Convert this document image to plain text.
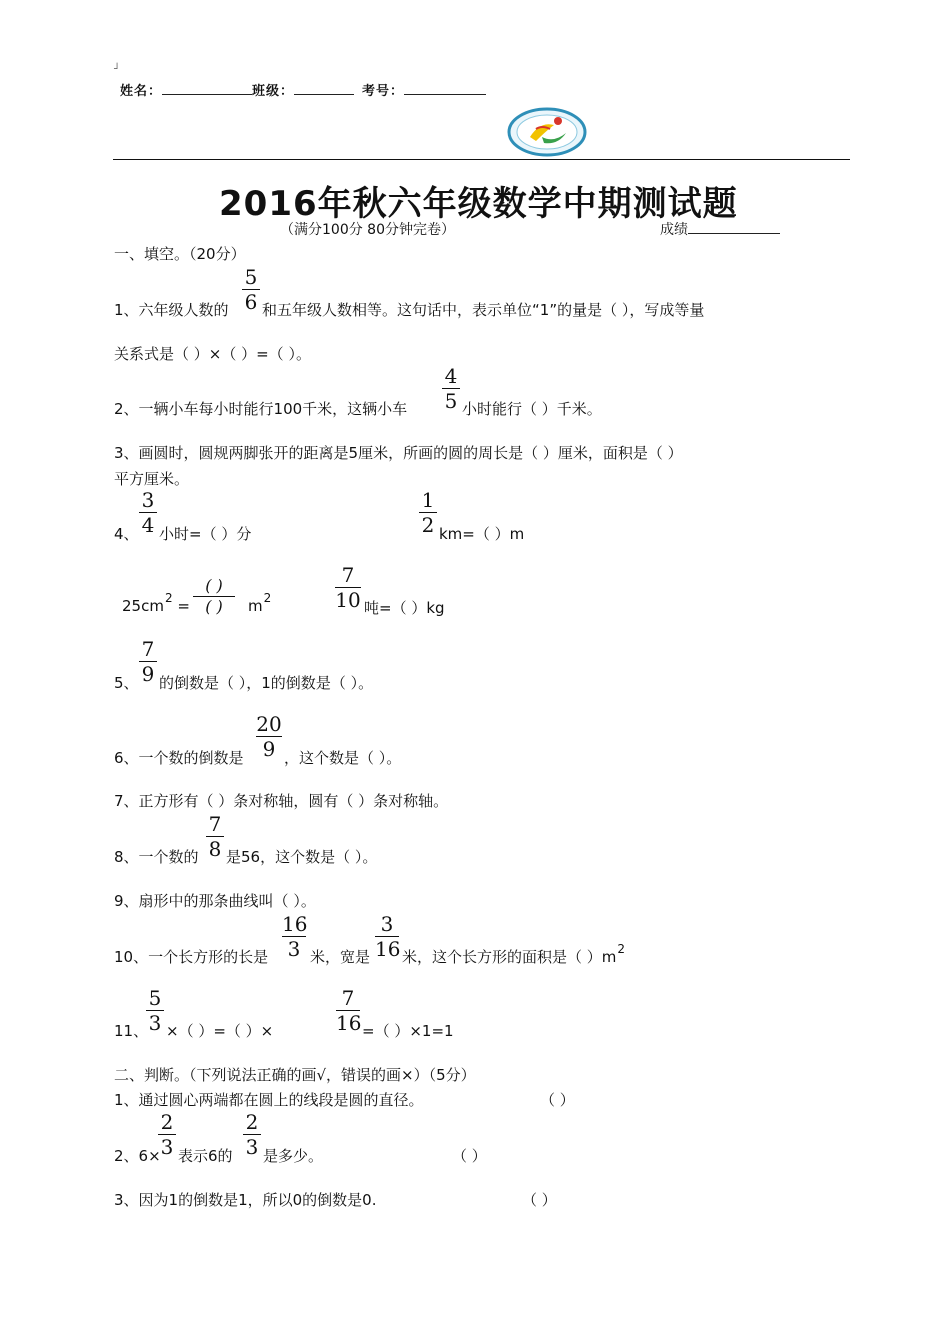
┘
姓名：	班级：	考号：
2016年秋六年级数学中期测试题
（满分100分 80分钟完卷）	成绩
一、填空。（20分）
1、六年级人数的
5
6 和五年级人数相等。这句话中，表示单位“1”的量是（ ），写成等量
关系式是（ ）×（ ）=（ ）。
2、一辆小车每小时能行100千米，这辆小车
4
5 小时能行（ ）千米。
3、画圆时，圆规两脚张开的距离是5厘米，所画的圆的周长是（ ）厘米，面积是（ ）
平方厘米。
4、
3
4 小时=（ ）分
1
2 km=（ ）m
$25cm^2$ =
( )
( )	$m^2$
7
10 吨=（ ）kg
5、
7
9 的倒数是（ ），1的倒数是（ ）。
6、一个数的倒数是
20
9 ，这个数是（ ）。
7、正方形有（ ）条对称轴，圆有（ ）条对称轴。
8、一个数的
7
8 是56，这个数是（ ）。
9、扇形中的那条曲线叫（ ）。
10、一个长方形的长是
16
3 米，宽是
3
16 米，这个长方形的面积是（ ）$m^2$
11、
5
3 ×（ ）=（ ）×
7
16 =（ ）×1=1
二、判断。（下列说法正确的画√，错误的画×）（5分）
1、通过圆心两端都在圆上的线段是圆的直径。	（ ）
2、6×
2
3 表示6的
2
3 是多少。	（ ）
3、因为1的倒数是1，所以0的倒数是0.	（ ）
